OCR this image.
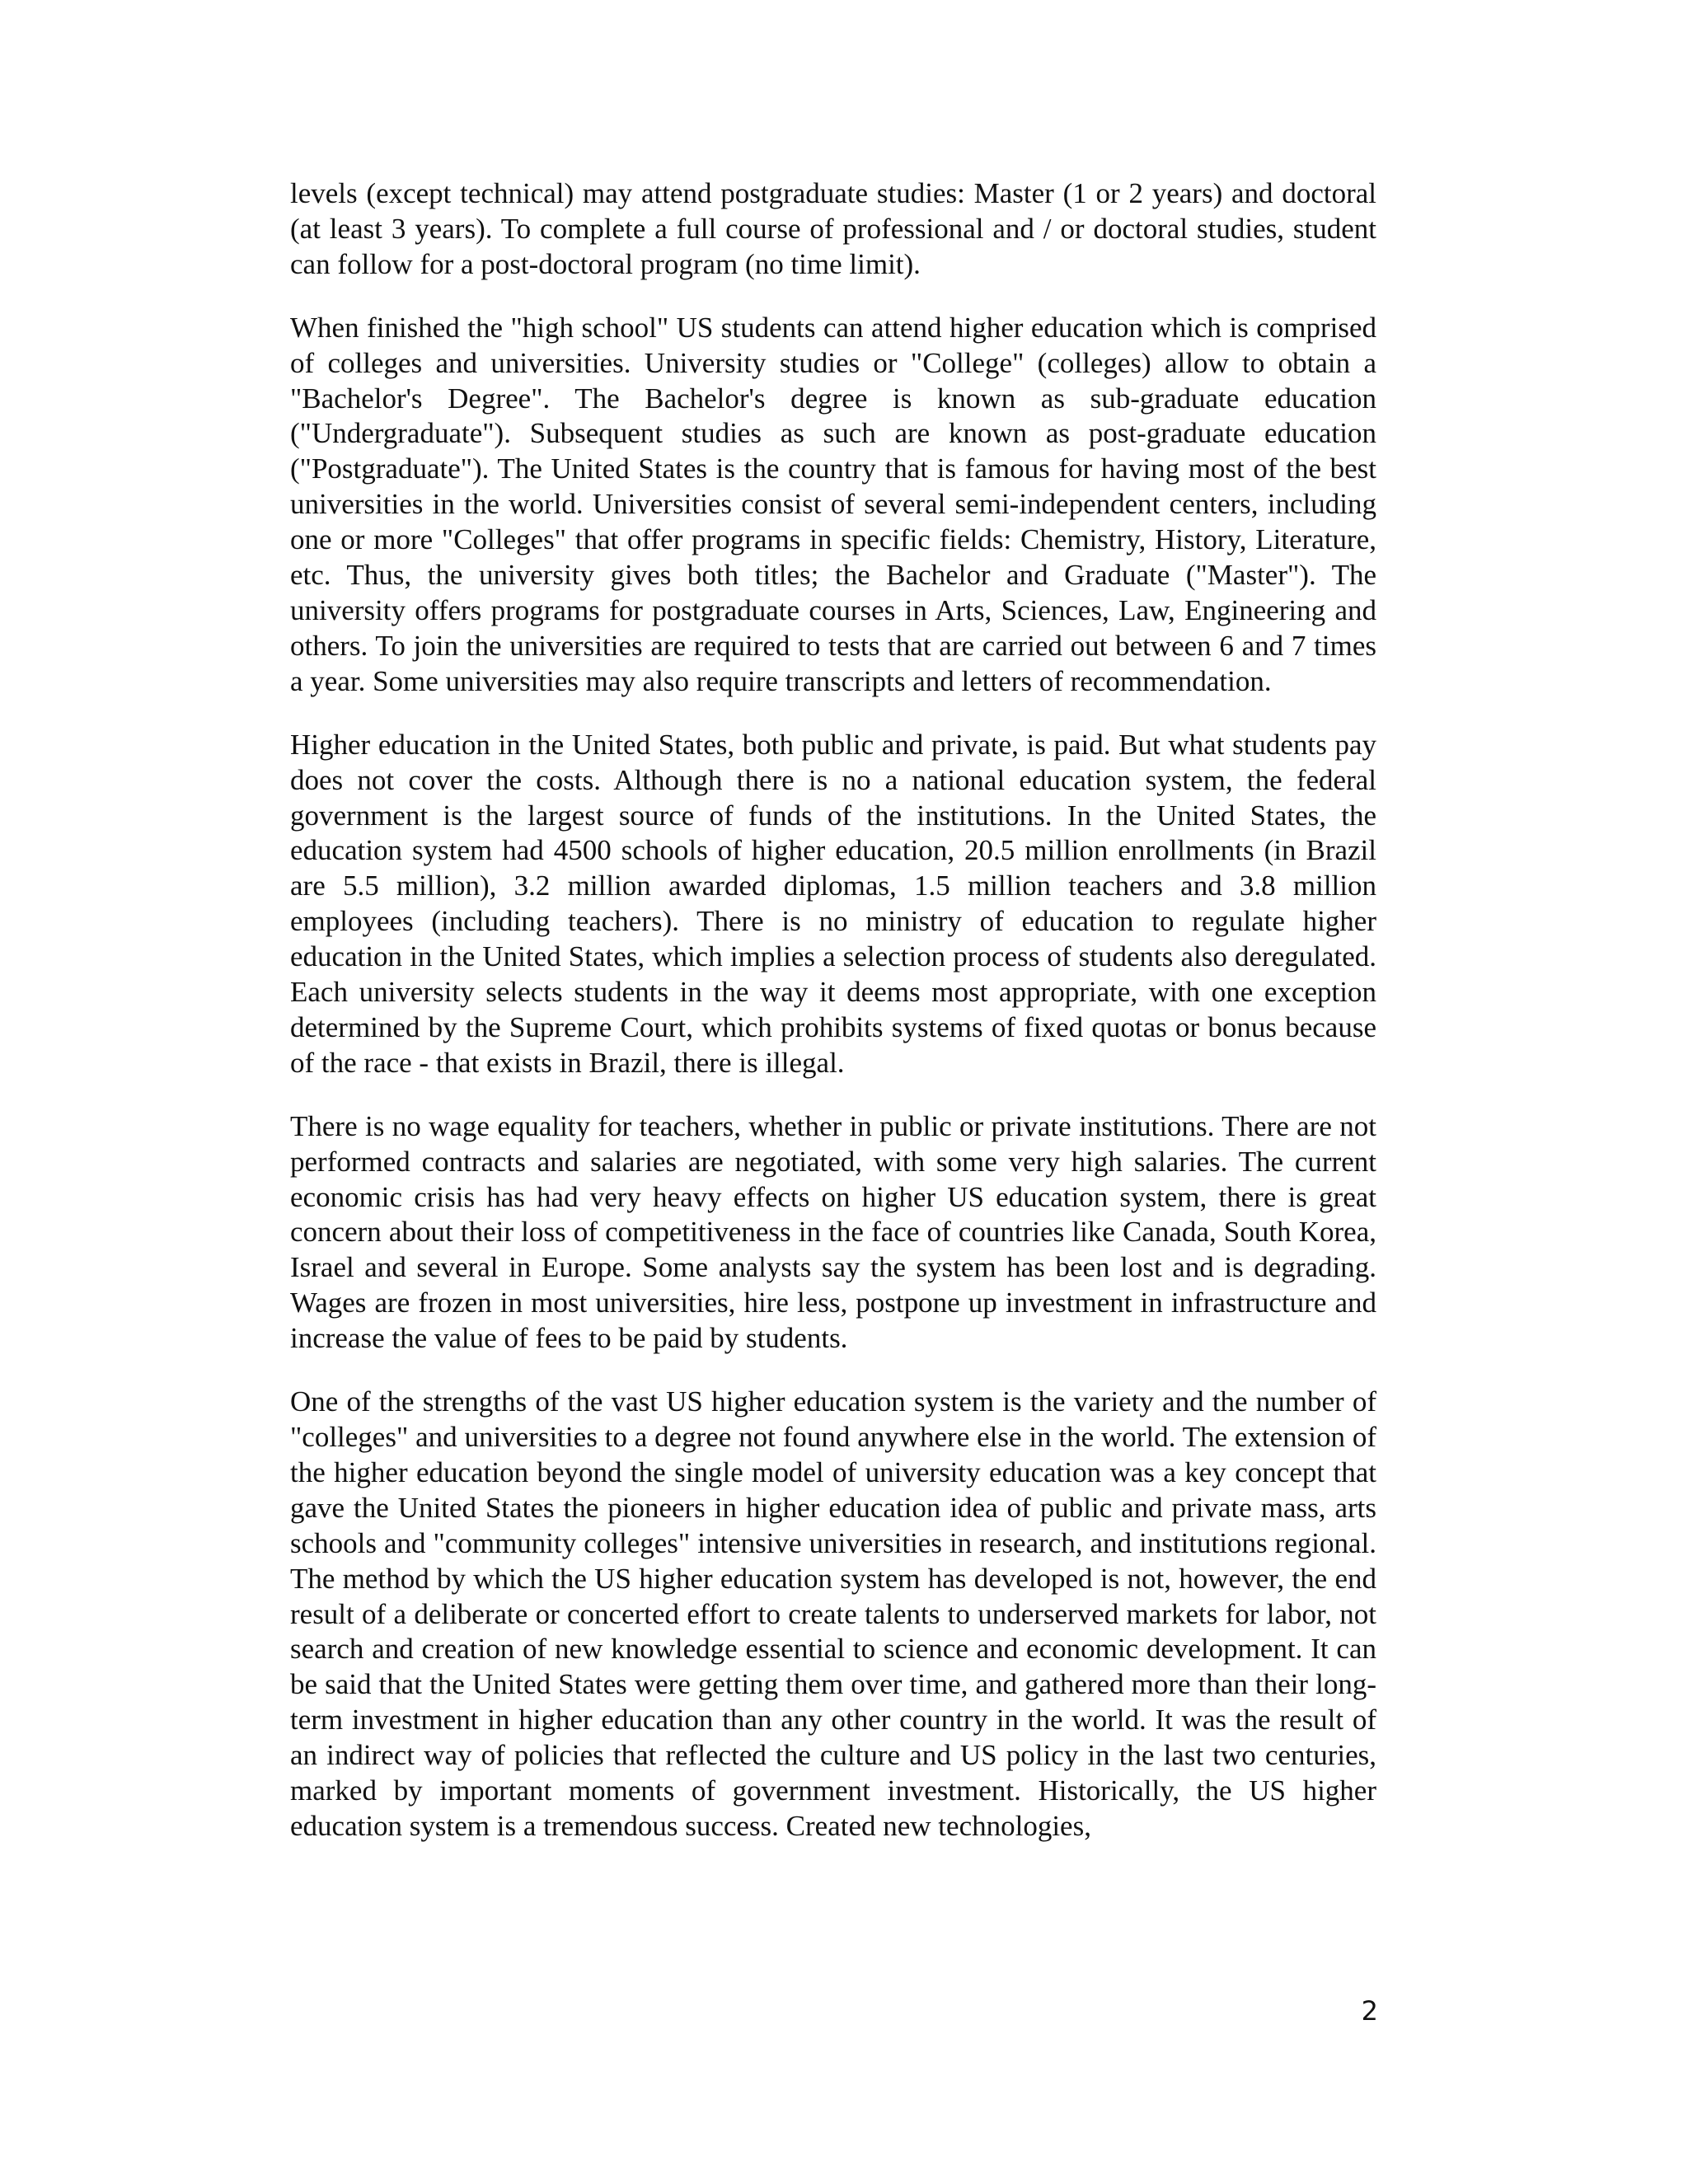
levels (except technical) may attend postgraduate studies: Master (1 or 2 years) and doctoral (at least 3 years). To complete a full course of professional and / or doctoral studies, student can follow for a post-doctoral program (no time limit).

When finished the "high school" US students can attend higher education which is comprised of colleges and universities. University studies or "College" (colleges) allow to obtain a "Bachelor's Degree". The Bachelor's degree is known as sub-graduate education ("Undergraduate"). Subsequent studies as such are known as post-graduate education ("Postgraduate"). The United States is the country that is famous for having most of the best universities in the world. Universities consist of several semi-independent centers, including one or more "Colleges" that offer programs in specific fields: Chemistry, History, Literature, etc. Thus, the university gives both titles; the Bachelor and Graduate ("Master"). The university offers programs for postgraduate courses in Arts, Sciences, Law, Engineering and others. To join the universities are required to tests that are carried out between 6 and 7 times a year. Some universities may also require transcripts and letters of recommendation.

Higher education in the United States, both public and private, is paid. But what students pay does not cover the costs. Although there is no a national education system, the federal government is the largest source of funds of the institutions. In the United States, the education system had 4500 schools of higher education, 20.5 million enrollments (in Brazil are 5.5 million), 3.2 million awarded diplomas, 1.5 million teachers and 3.8 million employees (including teachers). There is no ministry of education to regulate higher education in the United States, which implies a selection process of students also deregulated. Each university selects students in the way it deems most appropriate, with one exception determined by the Supreme Court, which prohibits systems of fixed quotas or bonus because of the race - that exists in Brazil, there is illegal.

There is no wage equality for teachers, whether in public or private institutions. There are not performed contracts and salaries are negotiated, with some very high salaries. The current economic crisis has had very heavy effects on higher US education system, there is great concern about their loss of competitiveness in the face of countries like Canada, South Korea, Israel and several in Europe. Some analysts say the system has been lost and is degrading. Wages are frozen in most universities, hire less, postpone up investment in infrastructure and increase the value of fees to be paid by students.

One of the strengths of the vast US higher education system is the variety and the number of "colleges" and universities to a degree not found anywhere else in the world. The extension of the higher education beyond the single model of university education was a key concept that gave the United States the pioneers in higher education idea of public and private mass, arts schools and "community colleges" intensive universities in research, and institutions regional. The method by which the US higher education system has developed is not, however, the end result of a deliberate or concerted effort to create talents to underserved markets for labor, not search and creation of new knowledge essential to science and economic development. It can be said that the United States were getting them over time, and gathered more than their long-term investment in higher education than any other country in the world. It was the result of an indirect way of policies that reflected the culture and US policy in the last two centuries, marked by important moments of government investment. Historically, the US higher education system is a tremendous success. Created new technologies,

2
